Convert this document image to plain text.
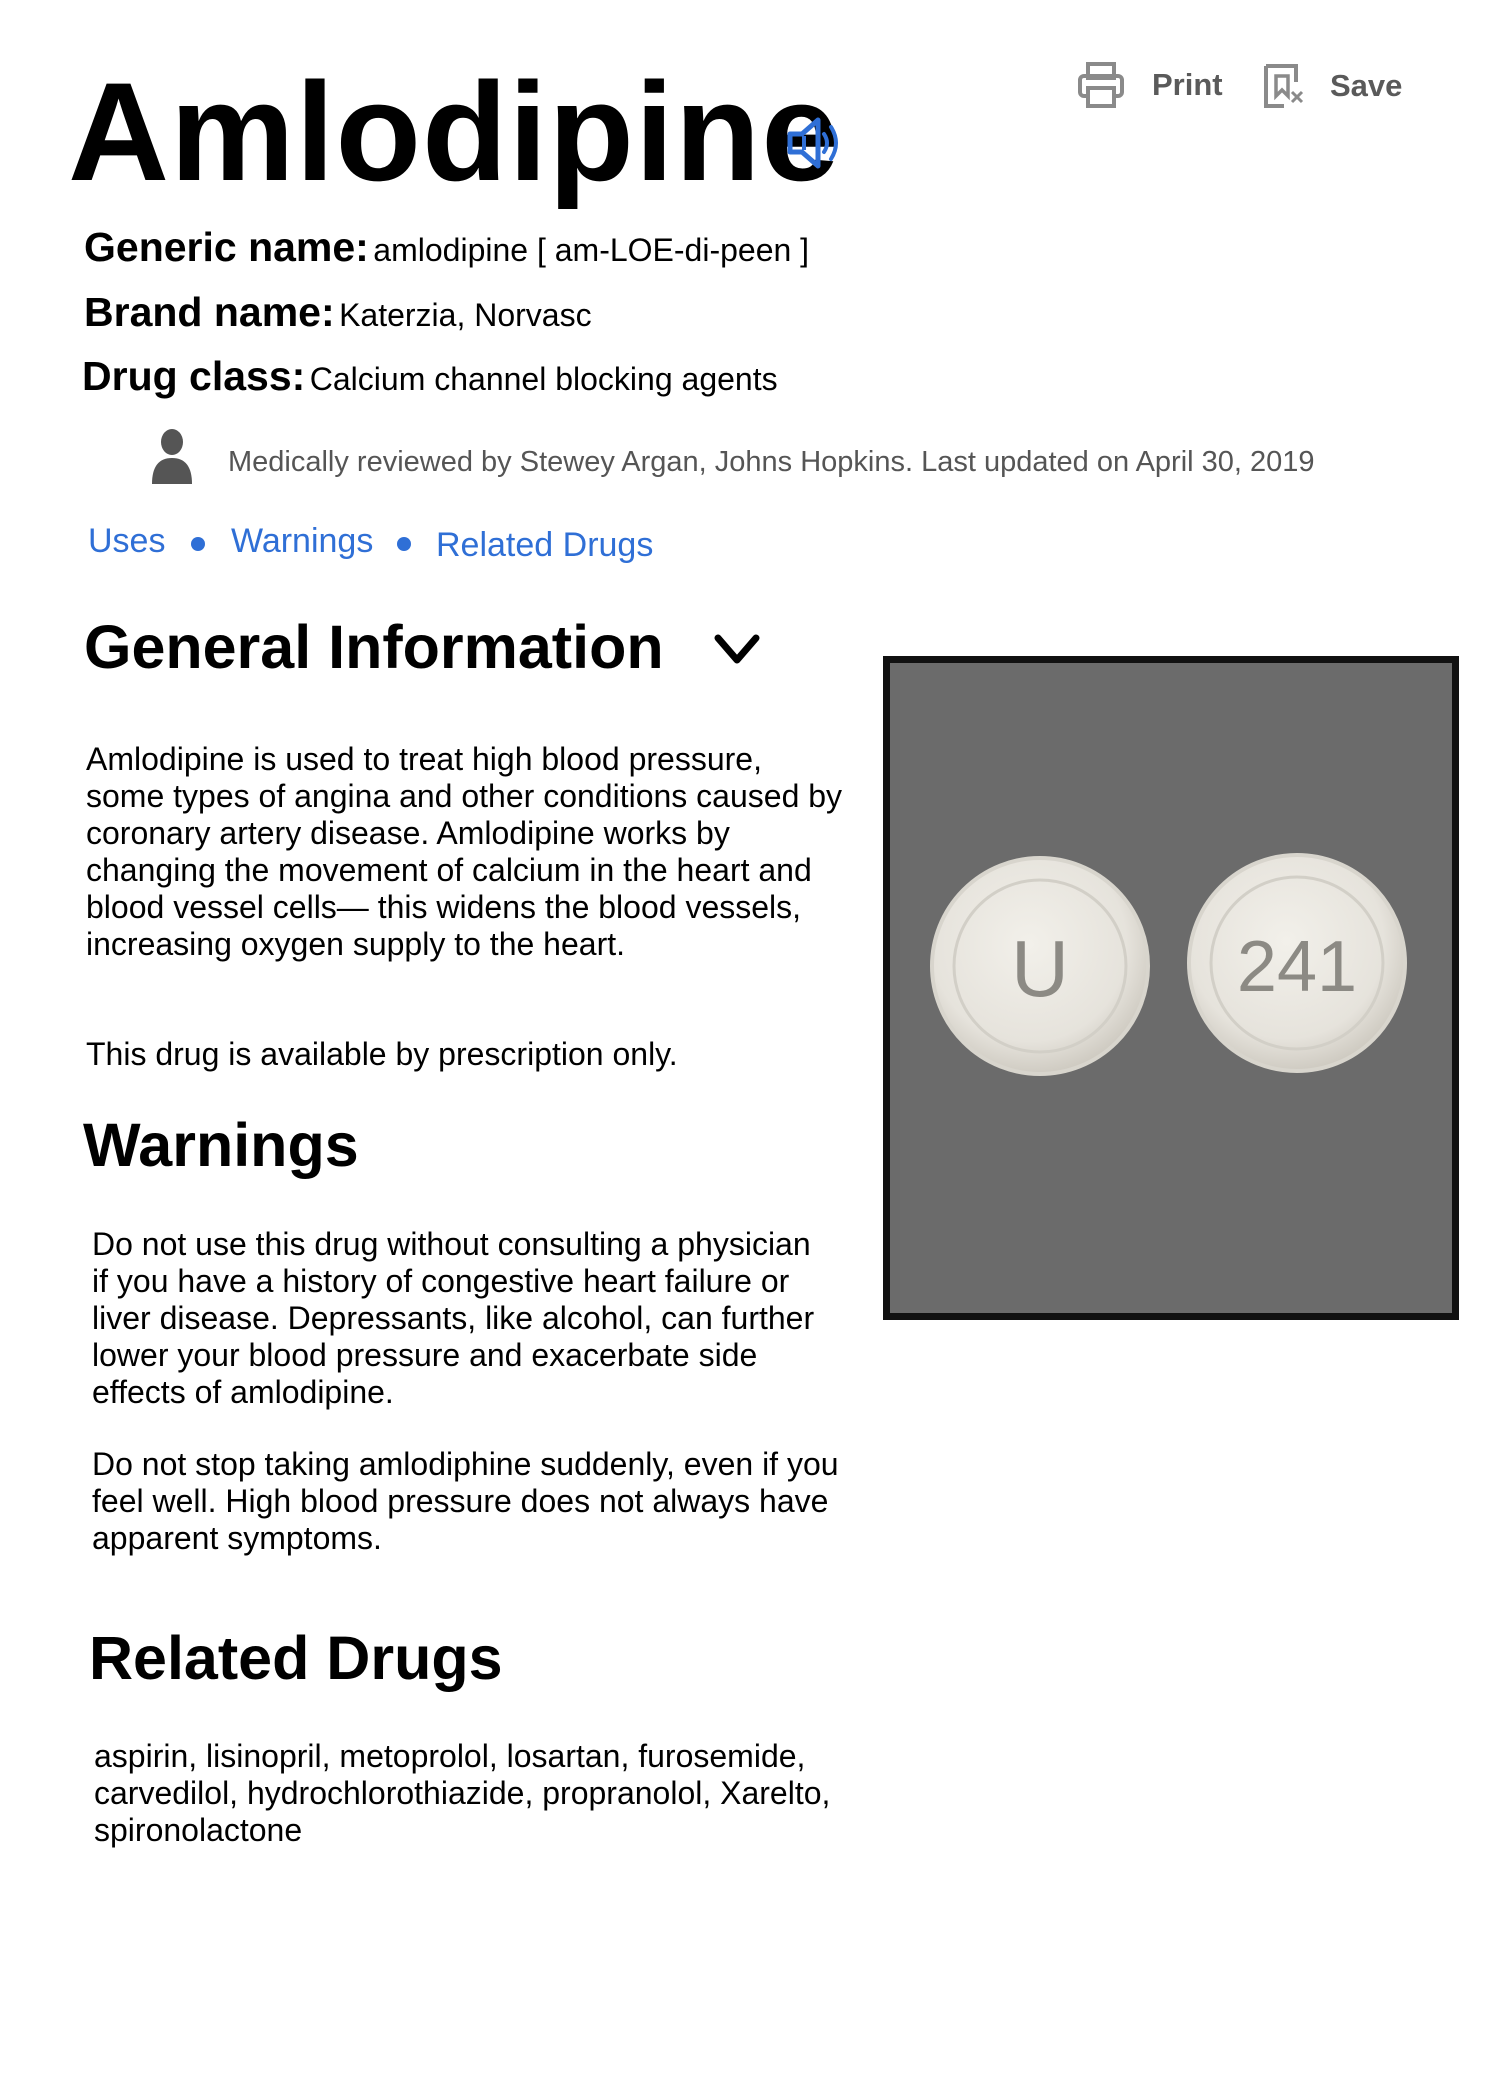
Print	Save
Amlodipine
Generic name: amlodipine [ am-LOE-di-peen ]
Brand name: Katerzia, Norvasc
Drug class: Calcium channel blocking agents
Medically reviewed by Stewey Argan, Johns Hopkins. Last updated on April 30, 2019
Uses Warnings Related Drugs
General Information

Amlodipine is used to treat high blood pressure, some types of angina and other conditions caused by coronary artery disease. Amlodipine works by changing the movement of calcium in the heart and blood vessel cells— this widens the blood vessels, increasing oxygen supply to the heart.

This drug is available by prescription only.

Warnings

Do not use this drug without consulting a physician if you have a history of congestive heart failure or liver disease. Depressants, like alcohol, can further lower your blood pressure and exacerbate side effects of amlodipine.

Do not stop taking amlodiphine suddenly, even if you feel well. High blood pressure does not always have apparent symptoms.

Related Drugs

aspirin, lisinopril, metoprolol, losartan, furosemide, carvedilol, hydrochlorothiazide, propranolol, Xarelto, spironolactone

U 241
